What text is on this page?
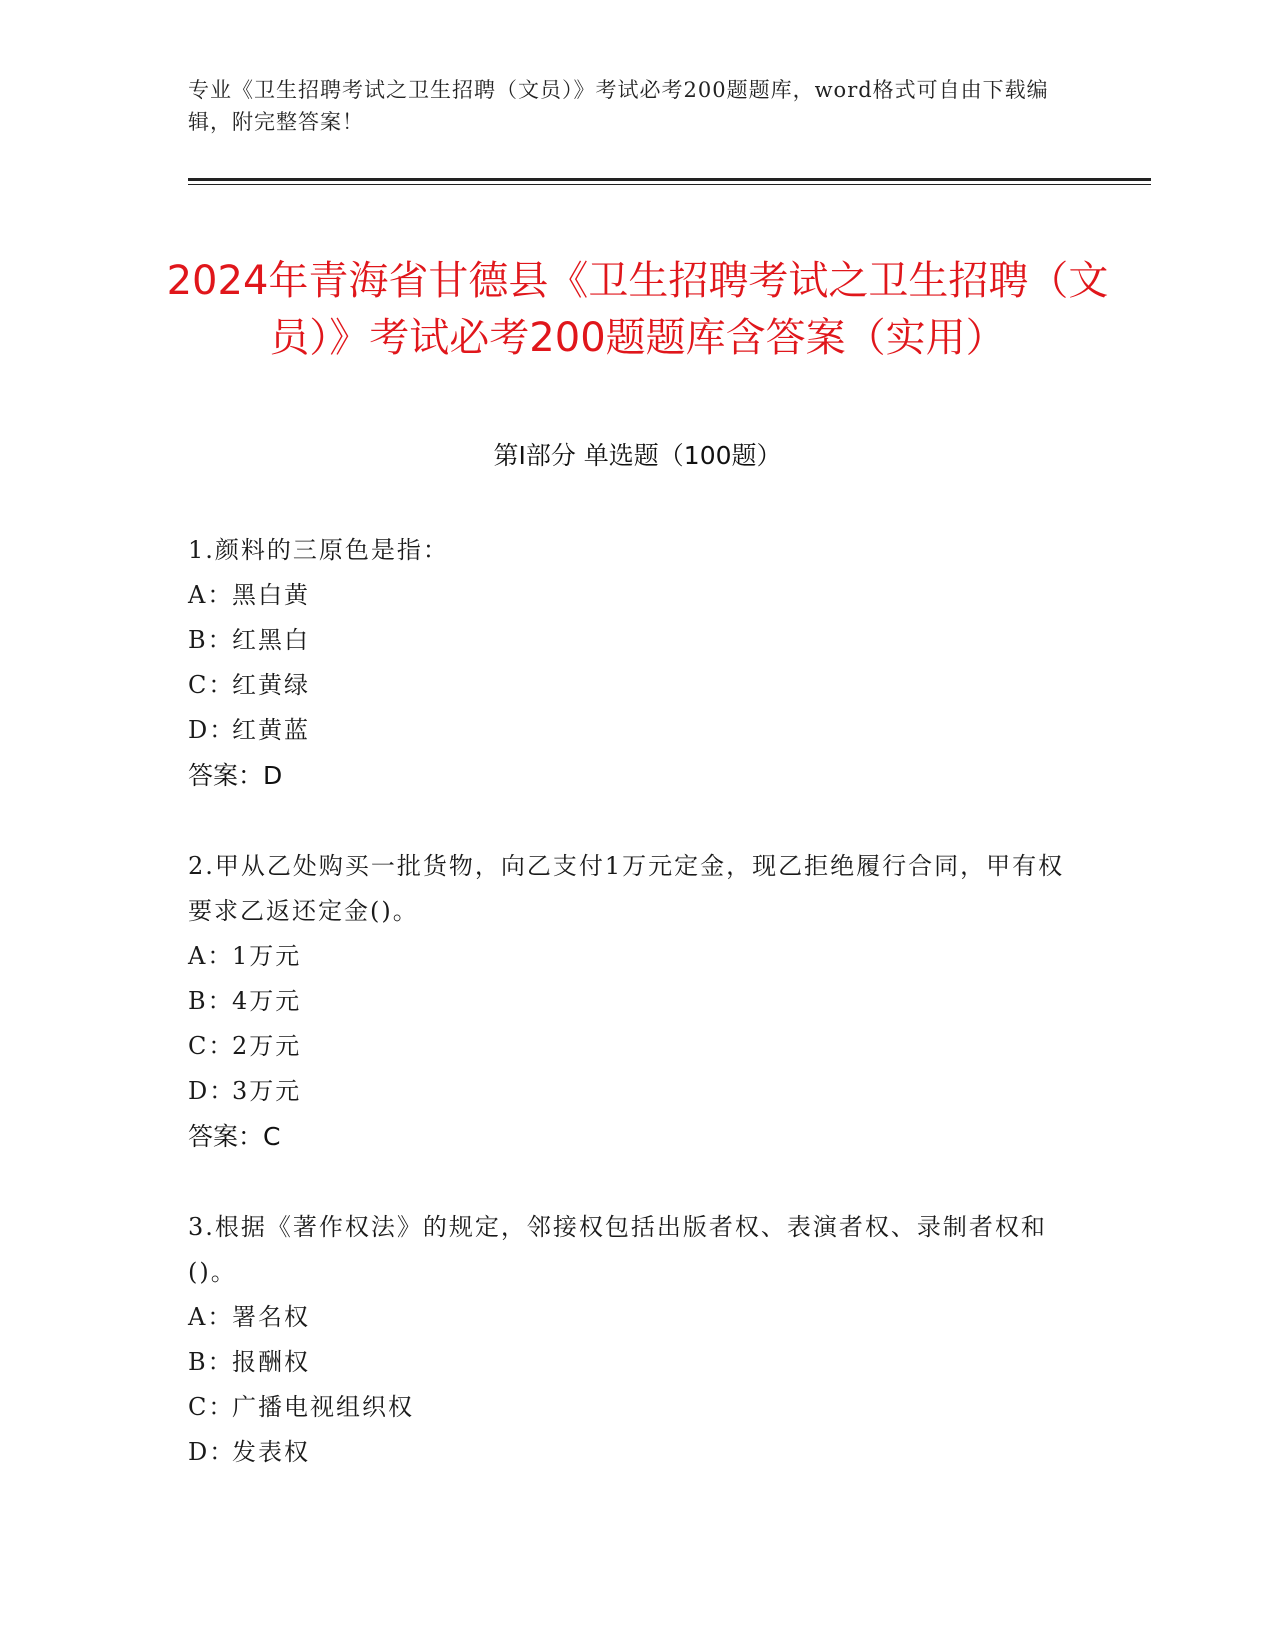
专业《卫生招聘考试之卫生招聘（文员）》考试必考200题题库，word格式可自由下载编辑，附完整答案！
2024年青海省甘德县《卫生招聘考试之卫生招聘（文员）》考试必考200题题库含答案（实用）
第Ⅰ部分 单选题（100题）
1.颜料的三原色是指：
A：黑白黄
B：红黑白
C：红黄绿
D：红黄蓝
答案：D
2.甲从乙处购买一批货物，向乙支付1万元定金，现乙拒绝履行合同，甲有权要求乙返还定金()。
A：1万元
B：4万元
C：2万元
D：3万元
答案：C
3.根据《著作权法》的规定，邻接权包括出版者权、表演者权、录制者权和()。
A：署名权
B：报酬权
C：广播电视组织权
D：发表权
